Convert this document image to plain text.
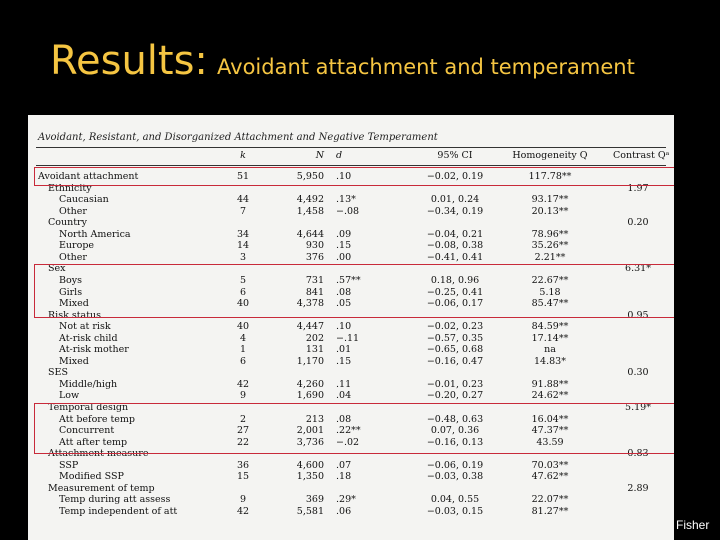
Results: Avoidant attachment and temperament
Avoidant, Resistant, and Disorganized Attachment and Negative Temperament
k	N d	95% CI	Homogeneity Q	Contrast Qᵃ
Avoidant attachment	51	5,950 .10	−0.02, 0.19	117.78**
Ethnicity	1.97
Caucasian	44	4,492 .13*	0.01, 0.24	93.17**
Other	7	1,458 −.08	−0.34, 0.19	20.13**
Country	0.20
North America	34	4,644 .09	−0.04, 0.21	78.96**
Europe	14	930 .15	−0.08, 0.38	35.26**
Other	3	376 .00	−0.41, 0.41	2.21**
Sex	6.31*
Boys	5	731 .57**	0.18, 0.96	22.67**
Girls	6	841 .08	−0.25, 0.41	5.18
Mixed	40	4,378 .05	−0.06, 0.17	85.47**
Risk status	0.95
Not at risk	40	4,447 .10	−0.02, 0.23	84.59**
At-risk child	4	202 −.11	−0.57, 0.35	17.14**
At-risk mother	1	131 .01	−0.65, 0.68	na
Mixed	6	1,170 .15	−0.16, 0.47	14.83*
SES	0.30
Middle/high	42	4,260 .11	−0.01, 0.23	91.88**
Low	9	1,690 .04	−0.20, 0.27	24.62**
Temporal design	5.19*
Att before temp	2	213 .08	−0.48, 0.63	16.04**
Concurrent	27	2,001 .22**	0.07, 0.36	47.37**
Att after temp	22	3,736 −.02	−0.16, 0.13	43.59
Attachment measure	0.83
SSP	36	4,600 .07	−0.06, 0.19	70.03**
Modified SSP	15	1,350 .18	−0.03, 0.38	47.62**
Measurement of temp	2.89
Temp during att assess	9	369 .29*	0.04, 0.55	22.07**
Temp independent of att	42	5,581 .06	−0.03, 0.15	81.27**
Fisher
